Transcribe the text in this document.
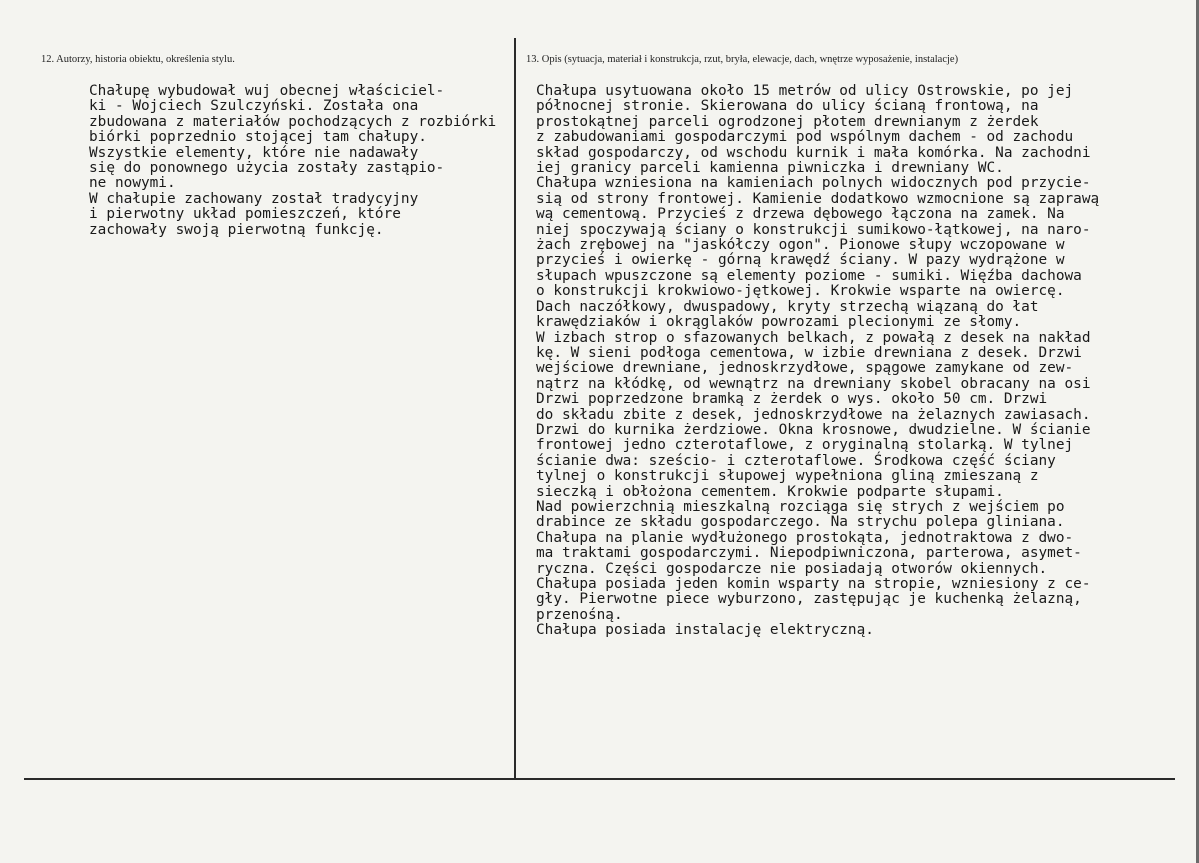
12. Autorzy, historia obiektu, określenia stylu.	13. Opis (sytuacja, materiał i konstrukcja, rzut, bryła, elewacje, dach, wnętrze wyposażenie, instalacje)
Chałupę wybudował wuj obecnej właściciel-
ki - Wojciech Szulczyński. Została ona
zbudowana z materiałów pochodzących z rozbiórki
biórki poprzednio stojącej tam chałupy.
Wszystkie elementy, które nie nadawały
się do ponownego użycia zostały zastąpio-
ne nowymi.
W chałupie zachowany został tradycyjny
i pierwotny układ pomieszczeń, które
zachowały swoją pierwotną funkcję.

Chałupa usytuowana około 15 metrów od ulicy Ostrowskie, po jej
północnej stronie. Skierowana do ulicy ścianą frontową, na
prostokątnej parceli ogrodzonej płotem drewnianym z żerdek
z zabudowaniami gospodarczymi pod wspólnym dachem - od zachodu
skład gospodarczy, od wschodu kurnik i mała komórka. Na zachodni
iej granicy parceli kamienna piwniczka i drewniany WC.
Chałupa wzniesiona na kamieniach polnych widocznych pod przycie-
sią od strony frontowej. Kamienie dodatkowo wzmocnione są zaprawą
wą cementową. Przycieś z drzewa dębowego łączona na zamek. Na
niej spoczywają ściany o konstrukcji sumikowo-łątkowej, na naro-
żach zrębowej na "jaskółczy ogon". Pionowe słupy wczopowane w
przycieś i owierkę - górną krawędź ściany. W pazy wydrążone w
słupach wpuszczone są elementy poziome - sumiki. Więźba dachowa
o konstrukcji krokwiowo-jętkowej. Krokwie wsparte na owiercę.
Dach naczółkowy, dwuspadowy, kryty strzechą wiązaną do łat
krawędziaków i okrąglaków powrozami plecionymi ze słomy.
W izbach strop o sfazowanych belkach, z powałą z desek na nakład
kę. W sieni podłoga cementowa, w izbie drewniana z desek. Drzwi
wejściowe drewniane, jednoskrzydłowe, spągowe zamykane od zew-
nątrz na kłódkę, od wewnątrz na drewniany skobel obracany na osi
Drzwi poprzedzone bramką z żerdek o wys. około 50 cm. Drzwi
do składu zbite z desek, jednoskrzydłowe na żelaznych zawiasach.
Drzwi do kurnika żerdziowe. Okna krosnowe, dwudzielne. W ścianie
frontowej jedno czterotaflowe, z oryginalną stolarką. W tylnej
ścianie dwa: sześcio- i czterotaflowe. Środkowa część ściany
tylnej o konstrukcji słupowej wypełniona gliną zmieszaną z
sieczką i obłożona cementem. Krokwie podparte słupami.
Nad powierzchnią mieszkalną rozciąga się strych z wejściem po
drabince ze składu gospodarczego. Na strychu polepa gliniana.
Chałupa na planie wydłużonego prostokąta, jednotraktowa z dwo-
ma traktami gospodarczymi. Niepodpiwniczona, parterowa, asymet-
ryczna. Części gospodarcze nie posiadają otworów okiennych.
Chałupa posiada jeden komin wsparty na stropie, wzniesiony z ce-
gły. Pierwotne piece wyburzono, zastępując je kuchenką żelazną,
przenośną.
Chałupa posiada instalację elektryczną.
